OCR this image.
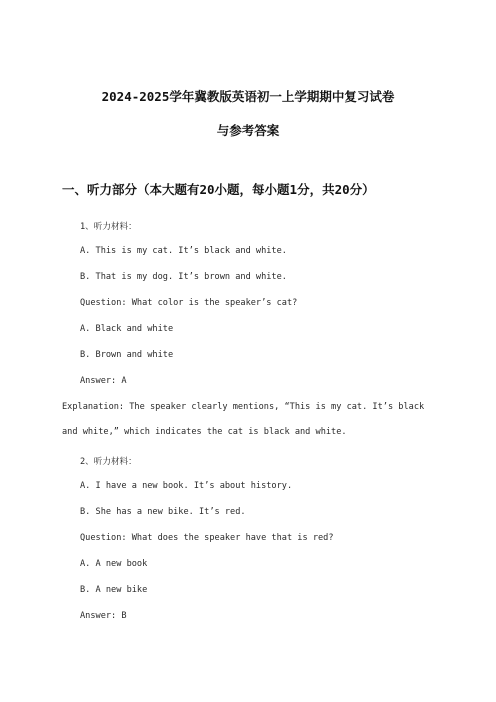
2024-2025学年冀教版英语初一上学期期中复习试卷
与参考答案
一、听力部分（本大题有20小题，每小题1分，共20分）
1、听力材料：
A. This is my cat. It’s black and white.
B. That is my dog. It’s brown and white.
Question: What color is the speaker’s cat?
A. Black and white
B. Brown and white
Answer: A
Explanation: The speaker clearly mentions, “This is my cat. It’s black and white,” which indicates the cat is black and white.
2、听力材料：
A. I have a new book. It’s about history.
B. She has a new bike. It’s red.
Question: What does the speaker have that is red?
A. A new book
B. A new bike
Answer: B
